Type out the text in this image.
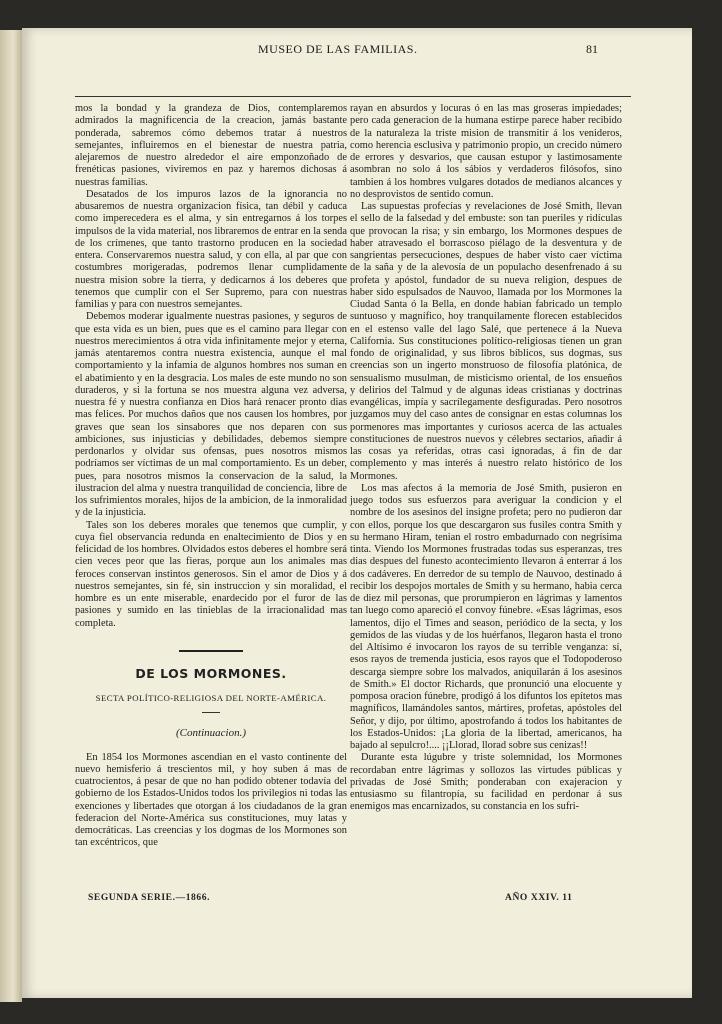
MUSEO DE LAS FAMILIAS.	81

mos la bondad y la grandeza de Dios, contemplaremos admirados la magnificencia de la creacion, jamás bastante ponderada, sabremos cómo debemos tratar á nuestros semejantes, influiremos en el bienestar de nuestra patria, alejaremos de nuestro alrededor el aire emponzoñado de frenéticas pasiones, viviremos en paz y haremos dichosas á nuestras familias.

Desatados de los impuros lazos de la ignorancia no abusaremos de nuestra organizacion física, tan débil y caduca como imperecedera es el alma, y sin entregarnos á los torpes impulsos de la vida material, nos libraremos de entrar en la senda de los crímenes, que tanto trastorno producen en la sociedad entera. Conservaremos nuestra salud, y con ella, al par que con costumbres morigeradas, podremos llenar cumplidamente nuestra mision sobre la tierra, y dedicarnos á los deberes que tenemos que cumplir con el Ser Supremo, para con nuestras familias y para con nuestros semejantes.

Debemos moderar igualmente nuestras pasiones, y seguros de que esta vida es un bien, pues que es el camino para llegar con nuestros merecimientos á otra vida infinitamente mejor y eterna, jamás atentaremos contra nuestra existencia, aunque el mal comportamiento y la infamia de algunos hombres nos suman en el abatimiento y en la desgracia. Los males de este mundo no son duraderos, y si la fortuna se nos muestra alguna vez adversa, nuestra fé y nuestra confianza en Dios hará renacer pronto dias mas felices. Por muchos daños que nos causen los hombres, por graves que sean los sinsabores que nos deparen con sus ambiciones, sus injusticias y debilidades, debemos siempre perdonarlos y olvidar sus ofensas, pues nosotros mismos podríamos ser víctimas de un mal comportamiento. Es un deber, pues, para nosotros mismos la conservacion de la salud, la ilustracion del alma y nuestra tranquilidad de conciencia, libre de los sufrimientos morales, hijos de la ambicion, de la inmoralidad y de la injusticia.

Tales son los deberes morales que tenemos que cumplir, y cuya fiel observancia redunda en enaltecimiento de Dios y en felicidad de los hombres. Olvidados estos deberes el hombre será cien veces peor que las fieras, porque aun los animales mas feroces conservan instintos generosos. Sin el amor de Dios y á nuestros semejantes, sin fé, sin instruccion y sin moralidad, el hombre es un ente miserable, enardecido por el furor de las pasiones y sumido en las tinieblas de la irracionalidad mas completa.

DE LOS MORMONES.
SECTA POLÍTICO-RELIGIOSA DEL NORTE-AMÉRICA.
(Continuacion.)

En 1854 los Mormones ascendian en el vasto continente del nuevo hemisferio á trescientos mil, y hoy suben á mas de cuatrocientos, á pesar de que no han podido obtener todavía del gobierno de los Estados-Unidos todos los privilegios ni todas las exenciones y libertades que otorgan á los ciudadanos de la gran federacion del Norte-América sus constituciones, muy latas y democráticas. Las creencias y los dogmas de los Mormones son tan excéntricos, que

rayan en absurdos y locuras ó en las mas groseras impiedades; pero cada generacion de la humana estirpe parece haber recibido de la naturaleza la triste mision de transmitir á los venideros, como herencia esclusiva y patrimonio propio, un crecido número de errores y desvarios, que causan estupor y lastimosamente asombran no solo á los sábios y verdaderos filósofos, sino tambien á los hombres vulgares dotados de medianos alcances y no desprovistos de sentido comun.

Las supuestas profecías y revelaciones de José Smith, llevan el sello de la falsedad y del embuste: son tan pueriles y ridículas que provocan la risa; y sin embargo, los Mormones despues de haber atravesado el borrascoso piélago de la desventura y de sangrientas persecuciones, despues de haber visto caer víctima de la saña y de la alevosía de un populacho desenfrenado á su profeta y apóstol, fundador de su nueva religion, despues de haber sido espulsados de Nauvoo, llamada por los Mormones la Ciudad Santa ó la Bella, en donde habian fabricado un templo suntuoso y magnífico, hoy tranquilamente florecen establecidos en el estenso valle del lago Salé, que pertenece á la Nueva California. Sus constituciones político-religiosas tienen un gran fondo de originalidad, y sus libros bíblicos, sus dogmas, sus creencias son un ingerto monstruoso de filosofía platónica, de sensualismo musulman, de misticismo oriental, de los ensueños y delirios del Talmud y de algunas ideas cristianas y doctrinas evangélicas, impía y sacrílegamente desfiguradas. Pero nosotros juzgamos muy del caso antes de consignar en estas columnas los pormenores mas importantes y curiosos acerca de las actuales constituciones de nuestros nuevos y célebres sectarios, añadir á las cosas ya referidas, otras casi ignoradas, á fin de dar complemento y mas interés á nuestro relato histórico de los Mormones.

Los mas afectos á la memoria de José Smith, pusieron en juego todos sus esfuerzos para averiguar la condicion y el nombre de los asesinos del insigne profeta; pero no pudieron dar con ellos, porque los que descargaron sus fusiles contra Smith y su hermano Hiram, tenian el rostro embadurnado con negrísima tinta. Viendo los Mormones frustradas todas sus esperanzas, tres dias despues del funesto acontecimiento llevaron á enterrar á los dos cadáveres. En derredor de su templo de Nauvoo, destinado á recibir los despojos mortales de Smith y su hermano, habia cerca de diez mil personas, que prorumpieron en lágrimas y lamentos tan luego como apareció el convoy fúnebre. «Esas lágrimas, esos lamentos, dijo el Times and season, periódico de la secta, y los gemidos de las viudas y de los huérfanos, llegaron hasta el trono del Altísimo é invocaron los rayos de su terrible venganza: sí, esos rayos de tremenda justicia, esos rayos que el Todopoderoso descarga siempre sobre los malvados, aniquilarán á los asesinos de Smith.» El doctor Richards, que pronunció una elocuente y pomposa oracion fúnebre, prodigó á los difuntos los epítetos mas magníficos, llamándoles santos, mártires, profetas, apóstoles del Señor, y dijo, por último, apostrofando á todos los habitantes de los Estados-Unidos: ¡La gloria de la libertad, americanos, ha bajado al sepulcro!.... ¡¡Llorad, llorad sobre sus cenizas!!

Durante esta lúgubre y triste solemnidad, los Mormones recordaban entre lágrimas y sollozos las virtudes públicas y privadas de José Smith; ponderaban con exajeracion y entusiasmo su filantropía, su facilidad en perdonar á sus enemigos mas encarnizados, su constancia en los sufri-

SEGUNDA SERIE.—1866.	AÑO XXIV. 11
